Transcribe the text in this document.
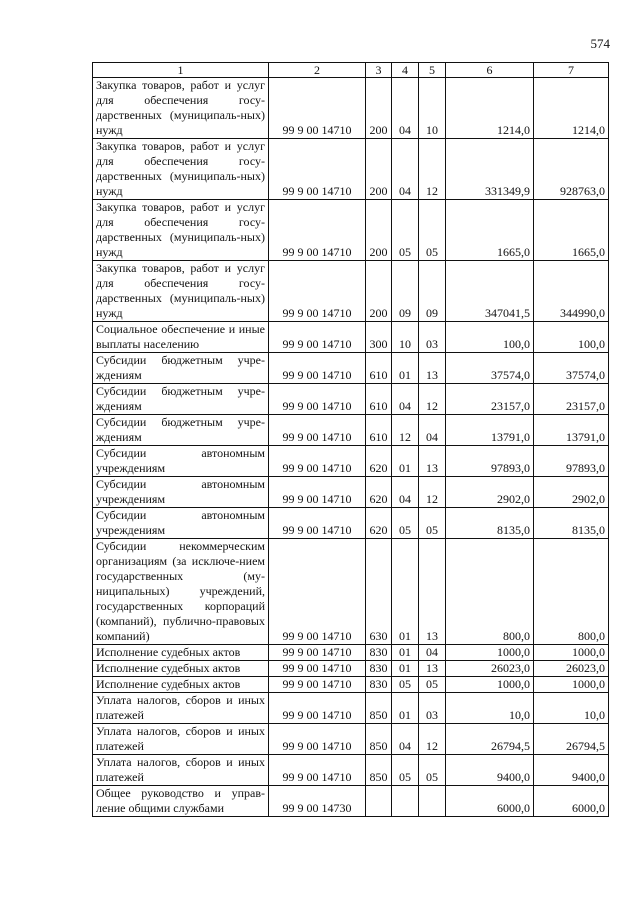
574
1	2	3	4	5	6	7
Закупка товаров, работ и услуг для обеспечения госу-дарственных (муниципаль-ных) нужд	99 9 00 14710	200	04	10	1214,0	1214,0
Закупка товаров, работ и услуг для обеспечения госу-дарственных (муниципаль-ных) нужд	99 9 00 14710	200	04	12	331349,9	928763,0
Закупка товаров, работ и услуг для обеспечения госу-дарственных (муниципаль-ных) нужд	99 9 00 14710	200	05	05	1665,0	1665,0
Закупка товаров, работ и услуг для обеспечения госу-дарственных (муниципаль-ных) нужд	99 9 00 14710	200	09	09	347041,5	344990,0
Социальное обеспечение и иные выплаты населению	99 9 00 14710	300	10	03	100,0	100,0
Субсидии бюджетным учре-ждениям	99 9 00 14710	610	01	13	37574,0	37574,0
Субсидии бюджетным учре-ждениям	99 9 00 14710	610	04	12	23157,0	23157,0
Субсидии бюджетным учре-ждениям	99 9 00 14710	610	12	04	13791,0	13791,0
Субсидии автономным учреждениям	99 9 00 14710	620	01	13	97893,0	97893,0
Субсидии автономным учреждениям	99 9 00 14710	620	04	12	2902,0	2902,0
Субсидии автономным учреждениям	99 9 00 14710	620	05	05	8135,0	8135,0
Субсидии некоммерческим организациям (за исключе-нием государственных (му-ниципальных) учреждений, государственных корпораций (компаний), публично-правовых компаний)	99 9 00 14710	630	01	13	800,0	800,0
Исполнение судебных актов	99 9 00 14710	830	01	04	1000,0	1000,0
Исполнение судебных актов	99 9 00 14710	830	01	13	26023,0	26023,0
Исполнение судебных актов	99 9 00 14710	830	05	05	1000,0	1000,0
Уплата налогов, сборов и иных платежей	99 9 00 14710	850	01	03	10,0	10,0
Уплата налогов, сборов и иных платежей	99 9 00 14710	850	04	12	26794,5	26794,5
Уплата налогов, сборов и иных платежей	99 9 00 14710	850	05	05	9400,0	9400,0
Общее руководство и управ-ление общими службами	99 9 00 14730				6000,0	6000,0
